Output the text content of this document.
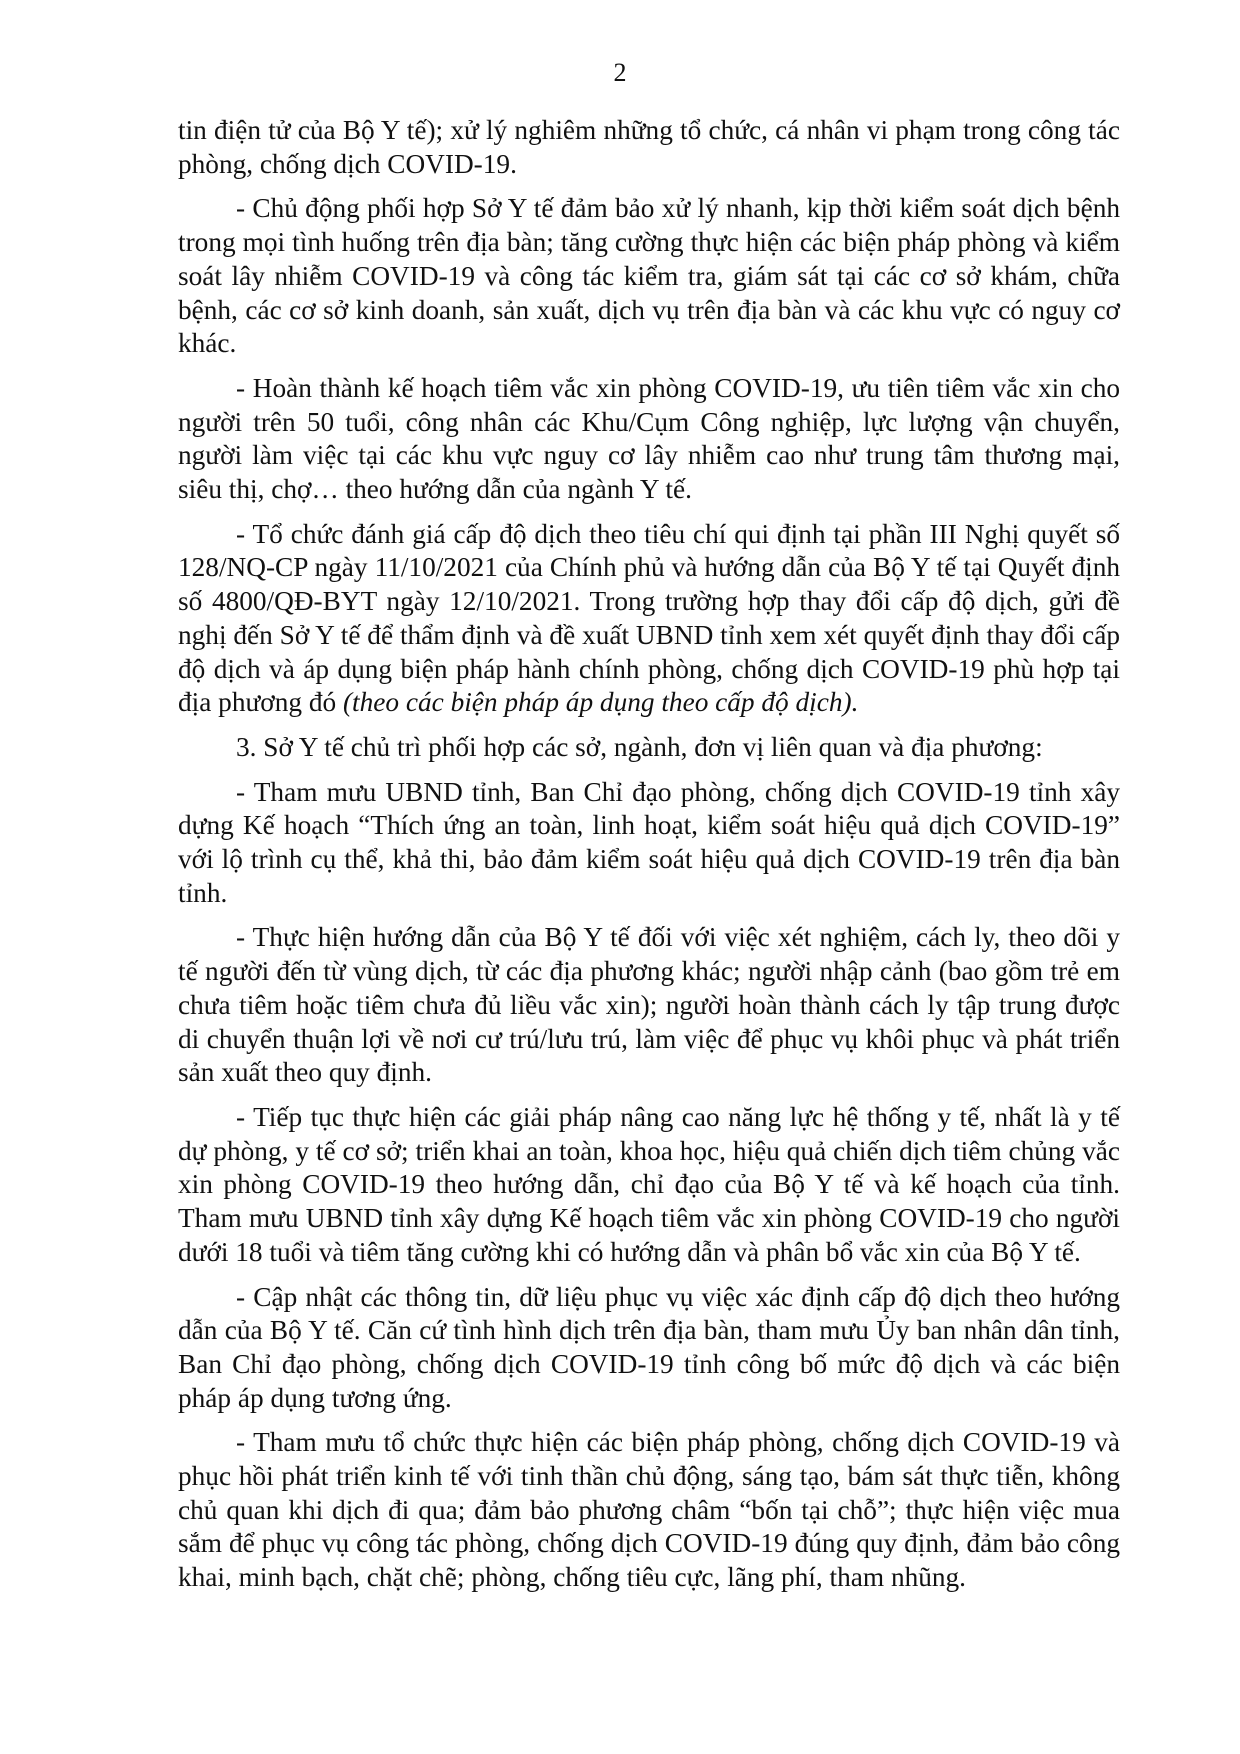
2

tin điện tử của Bộ Y tế); xử lý nghiêm những tổ chức, cá nhân vi phạm trong công tác phòng, chống dịch COVID-19.

- Chủ động phối hợp Sở Y tế đảm bảo xử lý nhanh, kịp thời kiểm soát dịch bệnh trong mọi tình huống trên địa bàn; tăng cường thực hiện các biện pháp phòng và kiểm soát lây nhiễm COVID-19 và công tác kiểm tra, giám sát tại các cơ sở khám, chữa bệnh, các cơ sở kinh doanh, sản xuất, dịch vụ trên địa bàn và các khu vực có nguy cơ khác.

- Hoàn thành kế hoạch tiêm vắc xin phòng COVID-19, ưu tiên tiêm vắc xin cho người trên 50 tuổi, công nhân các Khu/Cụm Công nghiệp, lực lượng vận chuyển, người làm việc tại các khu vực nguy cơ lây nhiễm cao như trung tâm thương mại, siêu thị, chợ… theo hướng dẫn của ngành Y tế.

- Tổ chức đánh giá cấp độ dịch theo tiêu chí qui định tại phần III Nghị quyết số 128/NQ-CP ngày 11/10/2021 của Chính phủ và hướng dẫn của Bộ Y tế tại Quyết định số 4800/QĐ-BYT ngày 12/10/2021. Trong trường hợp thay đổi cấp độ dịch, gửi đề nghị đến Sở Y tế để thẩm định và đề xuất UBND tỉnh xem xét quyết định thay đổi cấp độ dịch và áp dụng biện pháp hành chính phòng, chống dịch COVID-19 phù hợp tại địa phương đó (theo các biện pháp áp dụng theo cấp độ dịch).

3. Sở Y tế chủ trì phối hợp các sở, ngành, đơn vị liên quan và địa phương:

- Tham mưu UBND tỉnh, Ban Chỉ đạo phòng, chống dịch COVID-19 tỉnh xây dựng Kế hoạch “Thích ứng an toàn, linh hoạt, kiểm soát hiệu quả dịch COVID-19” với lộ trình cụ thể, khả thi, bảo đảm kiểm soát hiệu quả dịch COVID-19 trên địa bàn tỉnh.

- Thực hiện hướng dẫn của Bộ Y tế đối với việc xét nghiệm, cách ly, theo dõi y tế người đến từ vùng dịch, từ các địa phương khác; người nhập cảnh (bao gồm trẻ em chưa tiêm hoặc tiêm chưa đủ liều vắc xin); người hoàn thành cách ly tập trung được di chuyển thuận lợi về nơi cư trú/lưu trú, làm việc để phục vụ khôi phục và phát triển sản xuất theo quy định.

- Tiếp tục thực hiện các giải pháp nâng cao năng lực hệ thống y tế, nhất là y tế dự phòng, y tế cơ sở; triển khai an toàn, khoa học, hiệu quả chiến dịch tiêm chủng vắc xin phòng COVID-19 theo hướng dẫn, chỉ đạo của Bộ Y tế và kế hoạch của tỉnh. Tham mưu UBND tỉnh xây dựng Kế hoạch tiêm vắc xin phòng COVID-19 cho người dưới 18 tuổi và tiêm tăng cường khi có hướng dẫn và phân bổ vắc xin của Bộ Y tế.

- Cập nhật các thông tin, dữ liệu phục vụ việc xác định cấp độ dịch theo hướng dẫn của Bộ Y tế. Căn cứ tình hình dịch trên địa bàn, tham mưu Ủy ban nhân dân tỉnh, Ban Chỉ đạo phòng, chống dịch COVID-19 tỉnh công bố mức độ dịch và các biện pháp áp dụng tương ứng.

- Tham mưu tổ chức thực hiện các biện pháp phòng, chống dịch COVID-19 và phục hồi phát triển kinh tế với tinh thần chủ động, sáng tạo, bám sát thực tiễn, không chủ quan khi dịch đi qua; đảm bảo phương châm “bốn tại chỗ”; thực hiện việc mua sắm để phục vụ công tác phòng, chống dịch COVID-19 đúng quy định, đảm bảo công khai, minh bạch, chặt chẽ; phòng, chống tiêu cực, lãng phí, tham nhũng.
